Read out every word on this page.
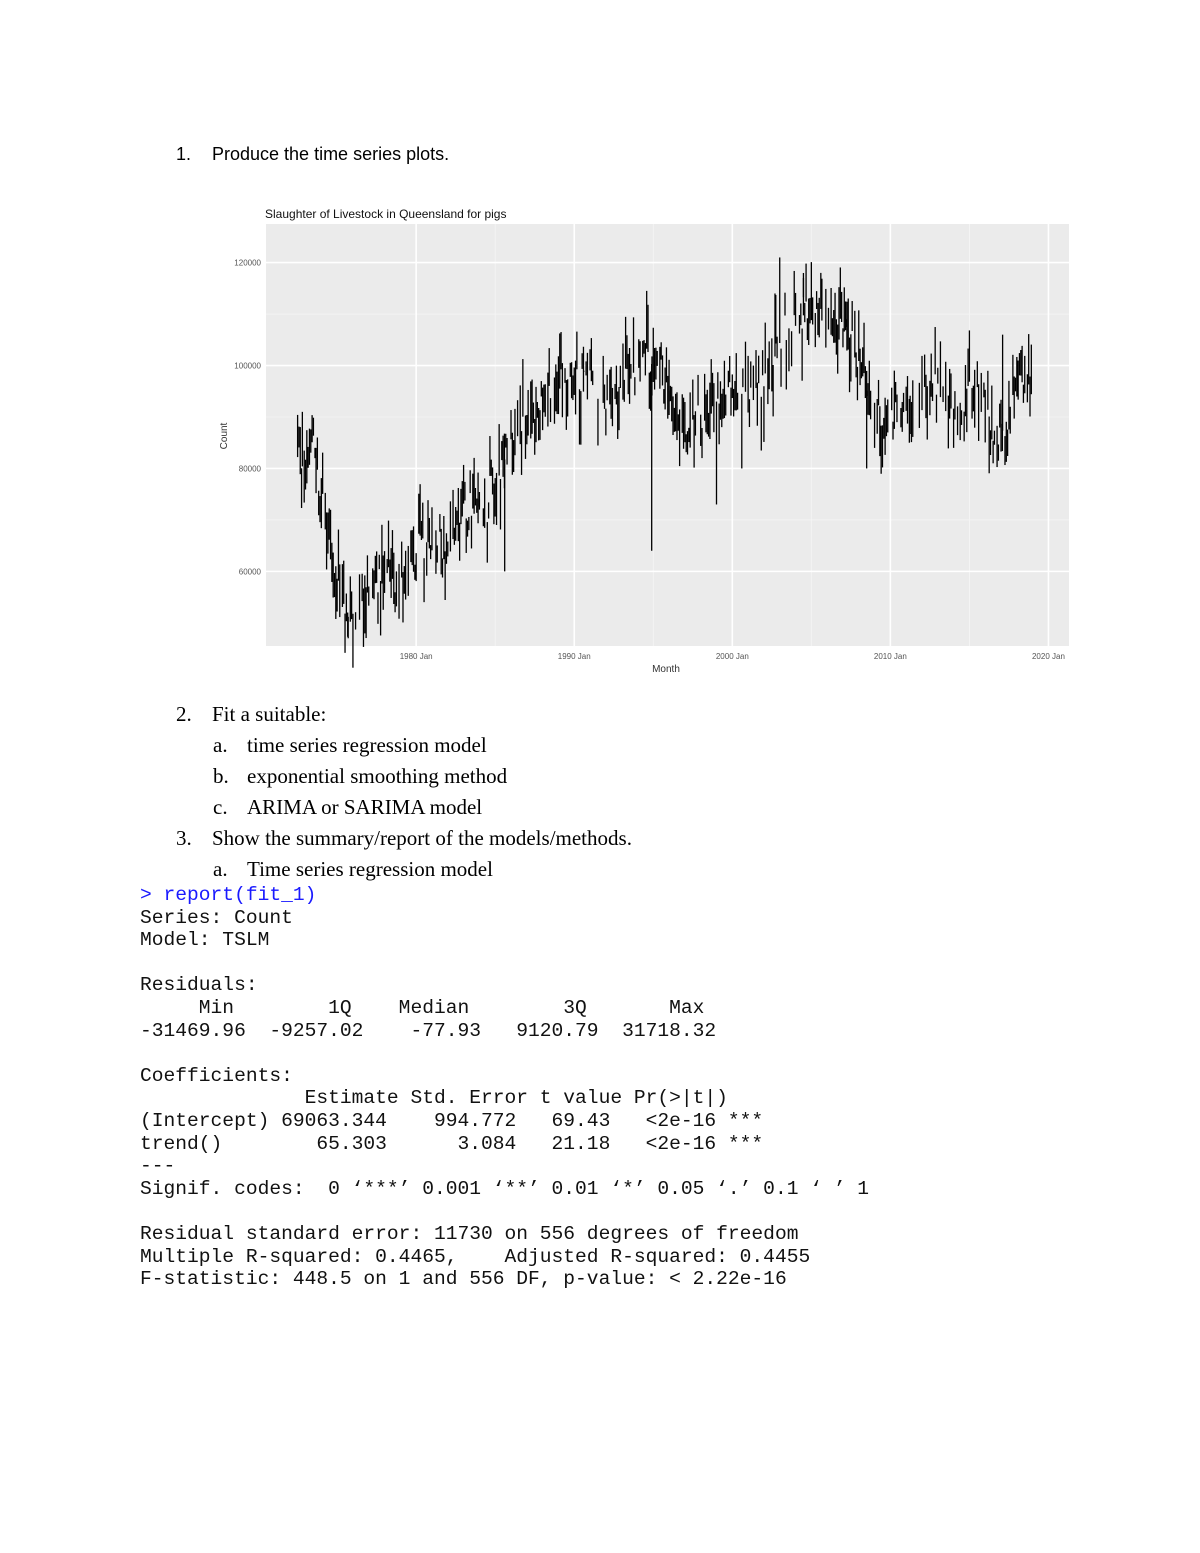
1. Produce the time series plots.
Slaughter of Livestock in Queensland for pigs
60000
80000
100000
120000
1980 Jan	1990 Jan	2000 Jan	2010 Jan	2020 Jan
Count
Month
2. Fit a suitable:
a. time series regression model
b. exponential smoothing method
c. ARIMA or SARIMA model
3. Show the summary/report of the models/methods.
a. Time series regression model
> report(fit_1)
Series: Count
Model: TSLM

Residuals:
Min        1Q    Median        3Q       Max
-31469.96  -9257.02    -77.93   9120.79  31718.32

Coefficients:
Estimate Std. Error t value Pr(>|t|)
(Intercept) 69063.344    994.772   69.43   <2e-16 ***
trend()        65.303      3.084   21.18   <2e-16 ***
---
Signif. codes:  0 ‘***’ 0.001 ‘**’ 0.01 ‘*’ 0.05 ‘.’ 0.1 ‘ ’ 1

Residual standard error: 11730 on 556 degrees of freedom
Multiple R-squared: 0.4465,    Adjusted R-squared: 0.4455
F-statistic: 448.5 on 1 and 556 DF, p-value: < 2.22e-16
